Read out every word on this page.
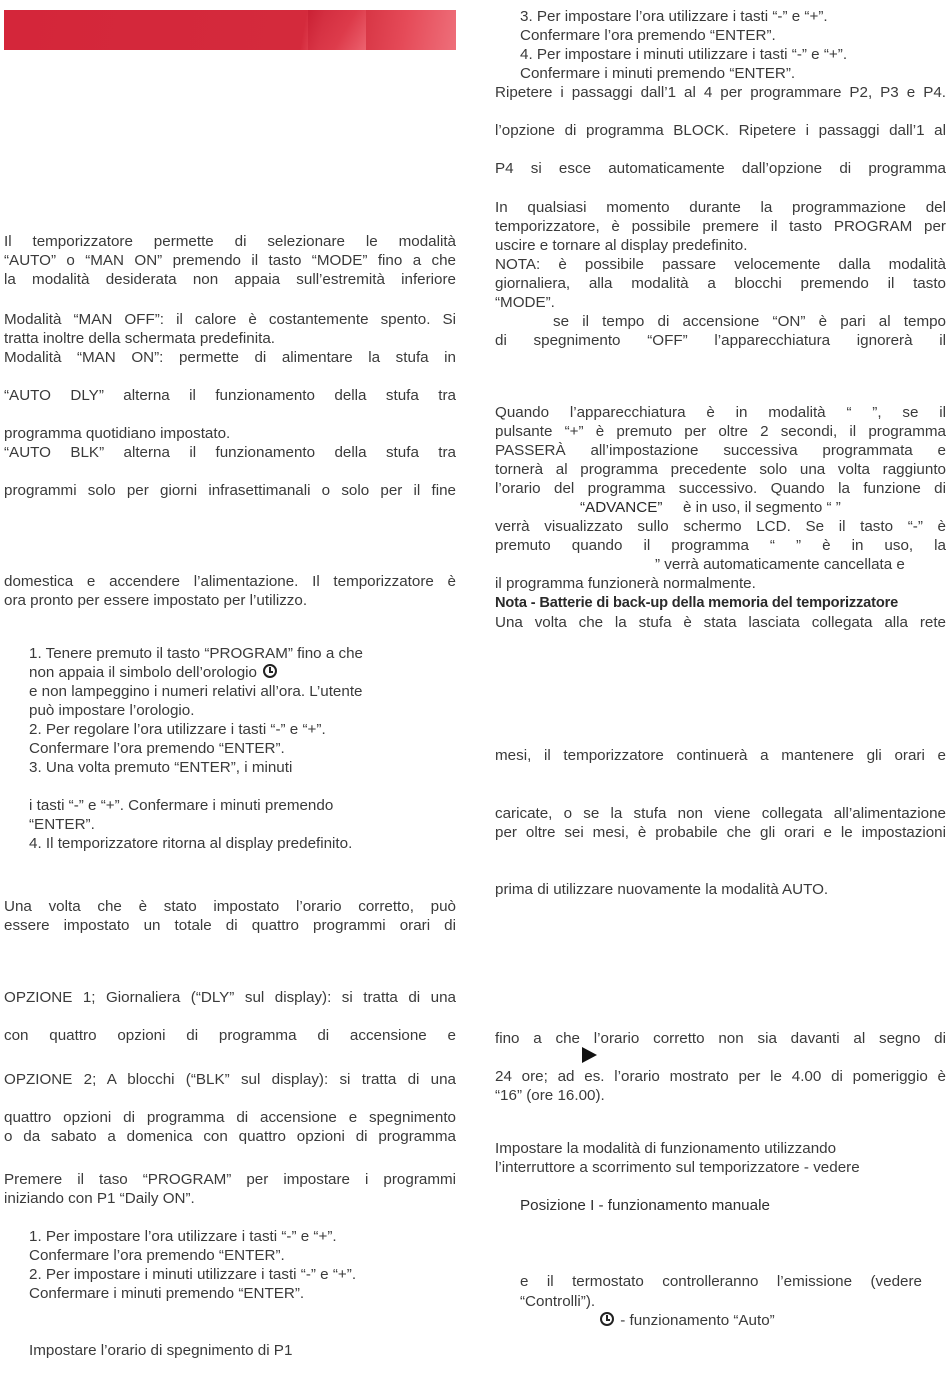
Il temporizzatore permette di selezionare le modalità
“AUTO” o “MAN ON” premendo il tasto “MODE” fino a che
la modalità desiderata non appaia sull’estremità inferiore
Modalità “MAN OFF”: il calore è costantemente spento. Si
tratta inoltre della schermata predefinita.
Modalità “MAN ON”: permette di alimentare la stufa in
“AUTO DLY” alterna il funzionamento della stufa tra
programma quotidiano impostato.
“AUTO BLK” alterna il funzionamento della stufa tra
programmi solo per giorni infrasettimanali o solo per il fine
domestica e accendere l’alimentazione. Il temporizzatore è
ora pronto per essere impostato per l’utilizzo.
1. Tenere premuto il tasto “PROGRAM” fino a che
non appaia il simbolo dell’orologio
e non lampeggino i numeri relativi all’ora. L’utente
può impostare l’orologio.
2. Per regolare l’ora utilizzare i tasti “-” e “+”.
Confermare l’ora premendo “ENTER”.
3. Una volta premuto “ENTER”, i minuti
i tasti “-” e “+”. Confermare i minuti premendo
“ENTER”.
4. Il temporizzatore ritorna al display predefinito.
Una volta che è stato impostato l’orario corretto, può
essere impostato un totale di quattro programmi orari di
OPZIONE 1; Giornaliera (“DLY” sul display): si tratta di una
con quattro opzioni di programma di accensione e
OPZIONE 2; A blocchi (“BLK” sul display): si tratta di una
quattro opzioni di programma di accensione e spegnimento
o da sabato a domenica con quattro opzioni di programma
Premere il taso “PROGRAM” per impostare i programmi
iniziando con P1 “Daily ON”.
1. Per impostare l’ora utilizzare i tasti “-” e “+”.
Confermare l’ora premendo “ENTER”.
2. Per impostare i minuti utilizzare i tasti “-” e “+”.
Confermare i minuti premendo “ENTER”.
Impostare l’orario di spegnimento di P1
3. Per impostare l’ora utilizzare i tasti “-” e “+”.
Confermare l’ora premendo “ENTER”.
4. Per impostare i minuti utilizzare i tasti “-” e “+”.
Confermare i minuti premendo “ENTER”.
Ripetere i passaggi dall’1 al 4 per programmare P2, P3 e P4.
l’opzione di programma BLOCK. Ripetere i passaggi dall’1 al
P4 si esce automaticamente dall’opzione di programma
In qualsiasi momento durante la programmazione del
temporizzatore, è possibile premere il tasto PROGRAM per
uscire e tornare al display predefinito.
NOTA: è possibile passare velocemente dalla modalità
giornaliera, alla modalità a blocchi premendo il tasto
“MODE”.
se il tempo di accensione “ON” è pari al tempo
di spegnimento “OFF” l’apparecchiatura ignorerà il
Quando l’apparecchiatura è in modalità “ ”, se il
pulsante “+” è premuto per oltre 2 secondi, il programma
PASSERÀ all’impostazione successiva programmata e
tornerà al programma precedente solo una volta raggiunto
l’orario del programma successivo. Quando la funzione di
“ADVANCE” è in uso, il segmento “ ”
verrà visualizzato sullo schermo LCD. Se il tasto “-” è
premuto quando il programma “ ” è in uso, la
” verrà automaticamente cancellata e
il programma funzionerà normalmente.
Nota - Batterie di back-up della memoria del temporizzatore
Una volta che la stufa è stata lasciata collegata alla rete
mesi, il temporizzatore continuerà a mantenere gli orari e
caricate, o se la stufa non viene collegata all’alimentazione
per oltre sei mesi, è probabile che gli orari e le impostazioni
prima di utilizzare nuovamente la modalità AUTO.
fino a che l’orario corretto non sia davanti al segno di
24 ore; ad es. l’orario mostrato per le 4.00 di pomeriggio è
“16” (ore 16.00).
Impostare la modalità di funzionamento utilizzando
l’interruttore a scorrimento sul temporizzatore - vedere
Posizione I - funzionamento manuale
e il termostato controlleranno l’emissione (vedere
“Controlli”).
- funzionamento “Auto”
